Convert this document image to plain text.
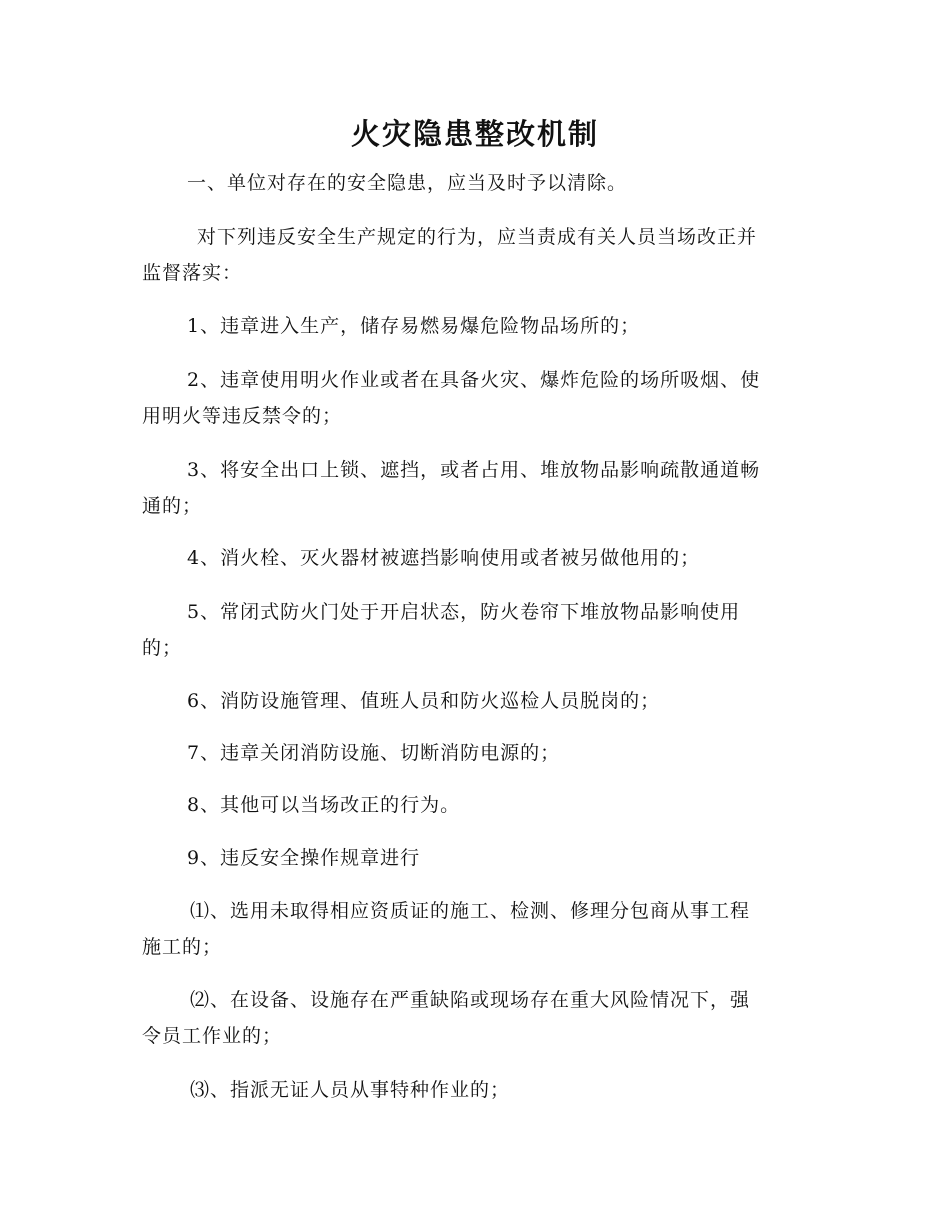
火灾隐患整改机制
一、单位对存在的安全隐患，应当及时予以清除。
对下列违反安全生产规定的行为，应当责成有关人员当场改正并
监督落实：
1、违章进入生产，储存易燃易爆危险物品场所的；
2、违章使用明火作业或者在具备火灾、爆炸危险的场所吸烟、使
用明火等违反禁令的；
3、将安全出口上锁、遮挡，或者占用、堆放物品影响疏散通道畅
通的；
4、消火栓、灭火器材被遮挡影响使用或者被另做他用的；
5、常闭式防火门处于开启状态，防火卷帘下堆放物品影响使用
的；
6、消防设施管理、值班人员和防火巡检人员脱岗的；
7、违章关闭消防设施、切断消防电源的；
8、其他可以当场改正的行为。
9、违反安全操作规章进行
⑴、选用未取得相应资质证的施工、检测、修理分包商从事工程
施工的；
⑵、在设备、设施存在严重缺陷或现场存在重大风险情况下，强
令员工作业的；
⑶、指派无证人员从事特种作业的；
